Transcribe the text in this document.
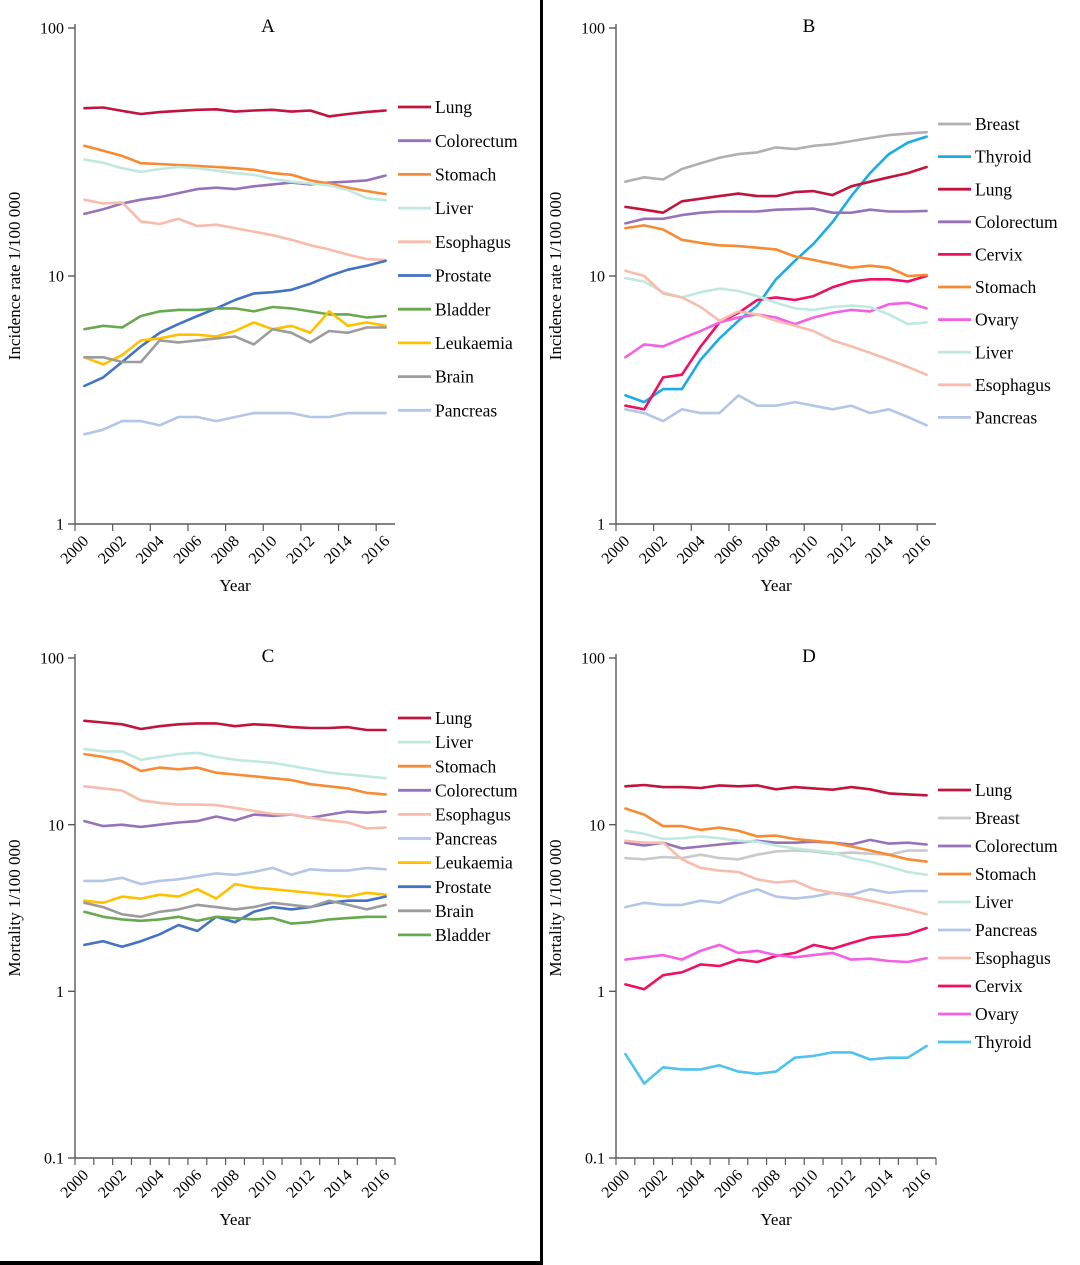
A
Incidence rate 1/100 000
100
10
1
2000 2002 2004 2006 2008 2010 2012 2014 2016
Year
Lung
Colorectum
Stomach
Liver
Esophagus
Prostate
Bladder
Leukaemia
Brain
Pancreas
B
Incidence rate 1/100 000
100
10
1
2000 2002 2004 2006 2008 2010 2012 2014 2016
Year
Breast
Thyroid
Lung
Colorectum
Cervix
Stomach
Ovary
Liver
Esophagus
Pancreas
C
Mortality 1/100 000
100
10
1
0.1
2000 2002 2004 2006 2008 2010 2012 2014 2016
Year
Lung
Liver
Stomach
Colorectum
Esophagus
Pancreas
Leukaemia
Prostate
Brain
Bladder
D
Mortality 1/100 000
100
10
1
0.1
2000 2002 2004 2006 2008 2010 2012 2014 2016
Year
Lung
Breast
Colorectum
Stomach
Liver
Pancreas
Esophagus
Cervix
Ovary
Thyroid
